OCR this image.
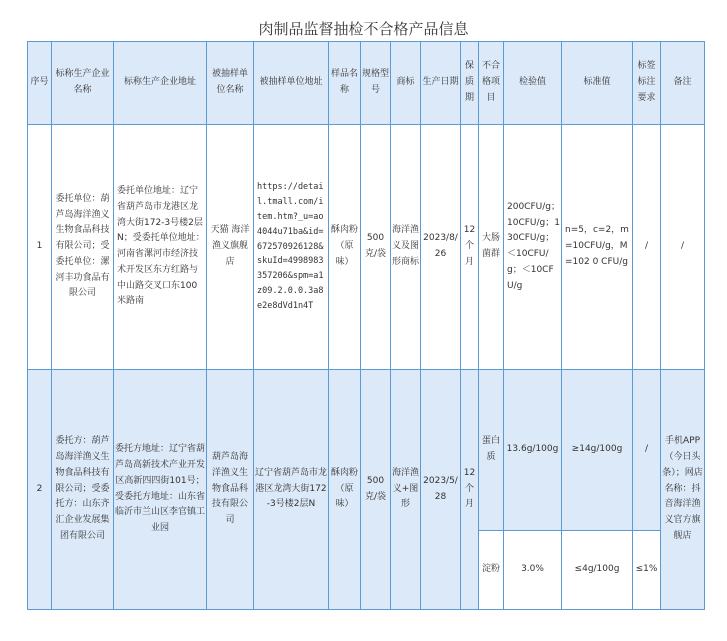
肉制品监督抽检不合格产品信息
序号	标称生产企业名称	标称生产企业地址	被抽样单位名称	被抽样单位地址	样品名称	规格型号	商标	生产日期	保质期	不合格项目	检验值	标准值	标签标注要求	备注
1	委托单位：葫芦岛海洋渔义生物食品科技有限公司；受委托单位：漯河丰功食品有限公司	委托单位地址：辽宁省葫芦岛市龙港区龙湾大街172-3号楼2层N；受委托单位地址：河南省漯河市经济技术开发区东方红路与中山路交叉口东100米路南	天猫 海洋渔义旗舰店	https://detail.tmall.com/item.htm?_u=ao4044u71ba&id=672570926128&skuId=4998983357206&spm=a1z09.2.0.0.3a8e2e8dVd1n4T	酥肉粉（原味）	500克/袋	海洋渔义及图形商标	2023/8/26	12个月	大肠菌群	200CFU/g；10CFU/g；130CFU/g；＜10CFU/g；＜10CFU/g	n=5，c=2，m=10CFU/g，M=102 0 CFU/g	/	/
2	委托方：葫芦岛海洋渔义生物食品科技有限公司；受委托方：山东齐汇企业发展集团有限公司	委托方地址：辽宁省葫芦岛高新技术产业开发区高新四四街101号；受委托方地址：山东省临沂市兰山区李官镇工业园	葫芦岛海洋渔义生物食品科技有限公司	辽宁省葫芦岛市龙港区龙湾大街172-3号楼2层N	酥肉粉（原味）	500克/袋	海洋渔义+图形	2023/5/28	12个月	蛋白质	13.6g/100g	≥14g/100g	/	手机APP（今日头条）；网店名称：抖音海洋渔义官方旗舰店
										淀粉	3.0%	≤4g/100g	≤1%	
